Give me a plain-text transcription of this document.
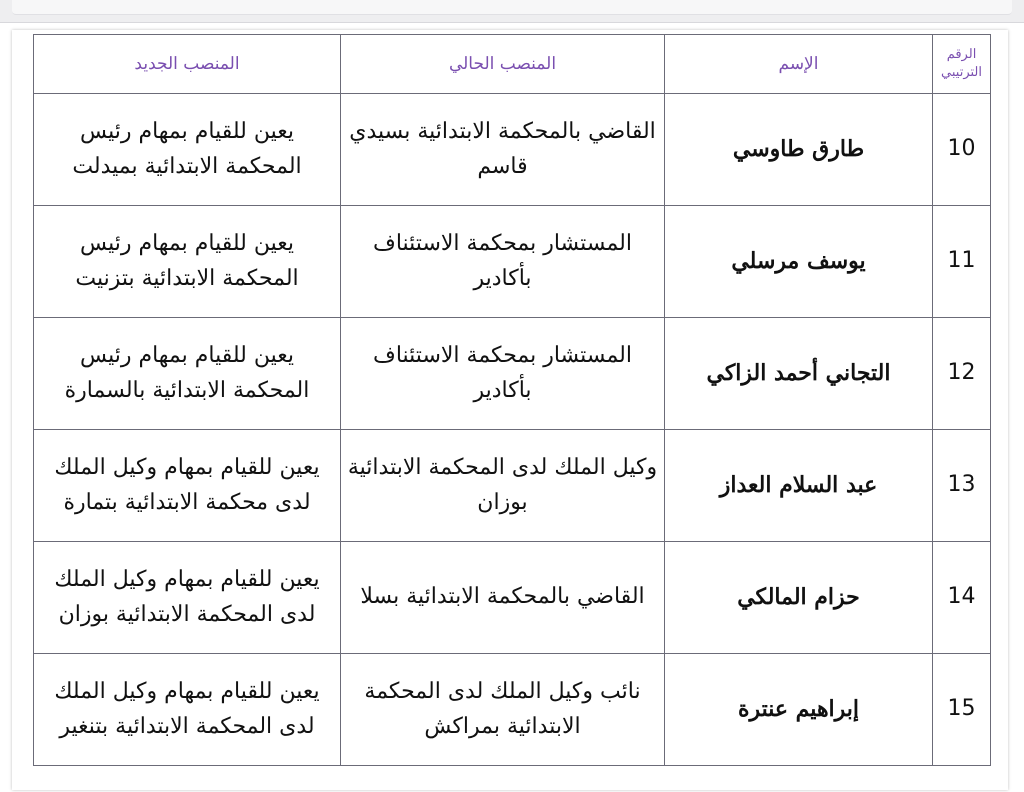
الرقم
الترتيبي	الإسم	المنصب الحالي	المنصب الجديد
10	طارق طاوسي	القاضي بالمحكمة الابتدائية بسيدي قاسم	يعين للقيام بمهام رئيس المحكمة الابتدائية بميدلت
11	يوسف مرسلي	المستشار بمحكمة الاستئناف بأكادير	يعين للقيام بمهام رئيس المحكمة الابتدائية بتزنيت
12	التجاني أحمد الزاكي	المستشار بمحكمة الاستئناف بأكادير	يعين للقيام بمهام رئيس المحكمة الابتدائية بالسمارة
13	عبد السلام العداز	وكيل الملك لدى المحكمة الابتدائية بوزان	يعين للقيام بمهام وكيل الملك لدى محكمة الابتدائية بتمارة
14	حزام المالكي	القاضي بالمحكمة الابتدائية بسلا	يعين للقيام بمهام وكيل الملك لدى المحكمة الابتدائية بوزان
15	إبراهيم عنترة	نائب وكيل الملك لدى المحكمة الابتدائية بمراكش	يعين للقيام بمهام وكيل الملك لدى المحكمة الابتدائية بتنغير
